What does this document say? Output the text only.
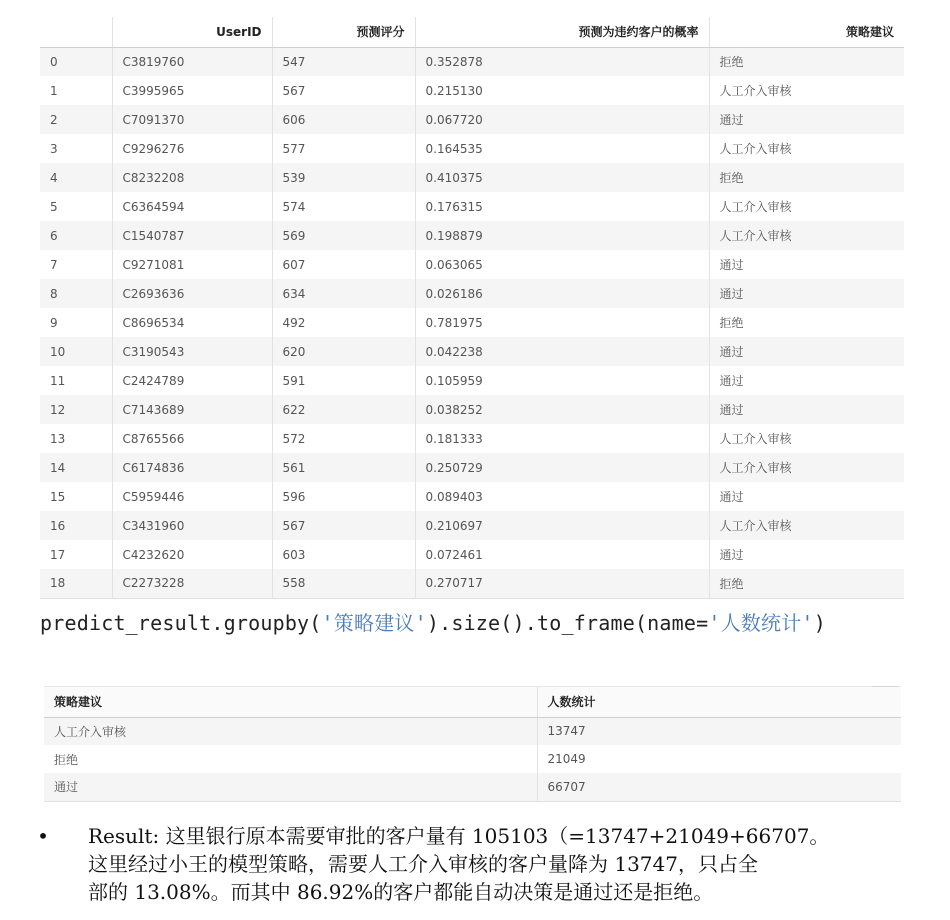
	UserID	预测评分	预测为违约客户的概率	策略建议
0	C3819760	547	0.352878	拒绝
1	C3995965	567	0.215130	人工介入审核
2	C7091370	606	0.067720	通过
3	C9296276	577	0.164535	人工介入审核
4	C8232208	539	0.410375	拒绝
5	C6364594	574	0.176315	人工介入审核
6	C1540787	569	0.198879	人工介入审核
7	C9271081	607	0.063065	通过
8	C2693636	634	0.026186	通过
9	C8696534	492	0.781975	拒绝
10	C3190543	620	0.042238	通过
11	C2424789	591	0.105959	通过
12	C7143689	622	0.038252	通过
13	C8765566	572	0.181333	人工介入审核
14	C6174836	561	0.250729	人工介入审核
15	C5959446	596	0.089403	通过
16	C3431960	567	0.210697	人工介入审核
17	C4232620	603	0.072461	通过
18	C2273228	558	0.270717	拒绝
predict_result.groupby('策略建议').size().to_frame(name='人数统计')
策略建议	人数统计
人工介入审核	13747
拒绝	21049
通过	66707
• Result: 这里银行原本需要审批的客户量有 105103（=13747+21049+66707。
这里经过小王的模型策略，需要人工介入审核的客户量降为 13747，只占全
部的 13.08%。而其中 86.92%的客户都能自动决策是通过还是拒绝。
